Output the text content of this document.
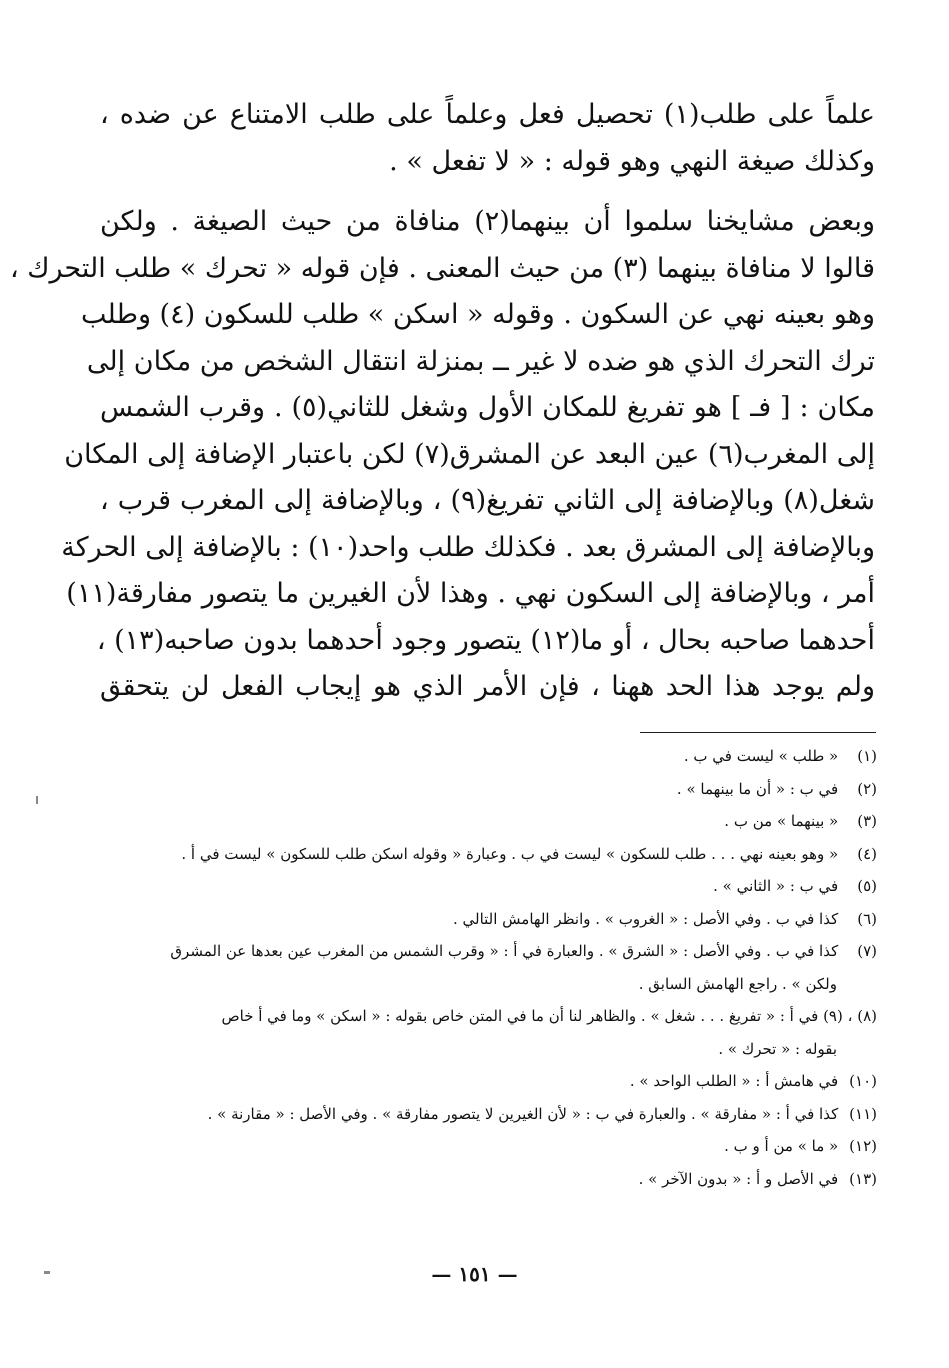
علماً على طلب(١) تحصيل فعل وعلماً على طلب الامتناع عن ضده ،
وكذلك صيغة النهي وهو قوله : « لا تفعل » .
وبعض مشايخنا سلموا أن بينهما(٢) منافاة من حيث الصيغة . ولكن
قالوا لا منافاة بينهما (٣) من حيث المعنى . فإن قوله « تحرك » طلب التحرك ،
وهو بعينه نهي عن السكون . وقوله « اسكن » طلب للسكون (٤) وطلب
ترك التحرك الذي هو ضده لا غير ــ بمنزلة انتقال الشخص من مكان إلى
مكان : [ فـ ] هو تفريغ للمكان الأول وشغل للثاني(٥) . وقرب الشمس
إلى المغرب(٦) عين البعد عن المشرق(٧) لكن باعتبار الإضافة إلى المكان
شغل(٨) وبالإضافة إلى الثاني تفريغ(٩) ، وبالإضافة إلى المغرب قرب ،
وبالإضافة إلى المشرق بعد . فكذلك طلب واحد(١٠) : بالإضافة إلى الحركة
أمر ، وبالإضافة إلى السكون نهي . وهذا لأن الغيرين ما يتصور مفارقة(١١)
أحدهما صاحبه بحال ، أو ما(١٢) يتصور وجود أحدهما بدون صاحبه(١٣) ،
ولم يوجد هذا الحد ههنا ، فإن الأمر الذي هو إيجاب الفعل لن يتحقق
(١) « طلب » ليست في ب .
(٢) في ب : « أن ما بينهما » .
(٣) « بينهما » من ب .
(٤) « وهو بعينه نهي . . . طلب للسكون » ليست في ب . وعبارة « وقوله اسكن طلب للسكون » ليست في أ .
(٥) في ب : « الثاني » .
(٦) كذا في ب . وفي الأصل : « الغروب » . وانظر الهامش التالي .
(٧) كذا في ب . وفي الأصل : « الشرق » . والعبارة في أ : « وقرب الشمس من المغرب عين بعدها عن المشرق
ولكن » . راجع الهامش السابق .
(٨) ، (٩) في أ : « تفريغ . . . شغل » . والظاهر لنا أن ما في المتن خاص بقوله : « اسكن » وما في أ خاص
بقوله : « تحرك » .
(١٠) في هامش أ : « الطلب الواحد » .
(١١) كذا في أ : « مفارقة » . والعبارة في ب : « لأن الغيرين لا يتصور مفارقة » . وفي الأصل : « مقارنة » .
(١٢) « ما » من أ و ب .
(١٣) في الأصل و أ : « بدون الآخر » .
— ١٥١ —
